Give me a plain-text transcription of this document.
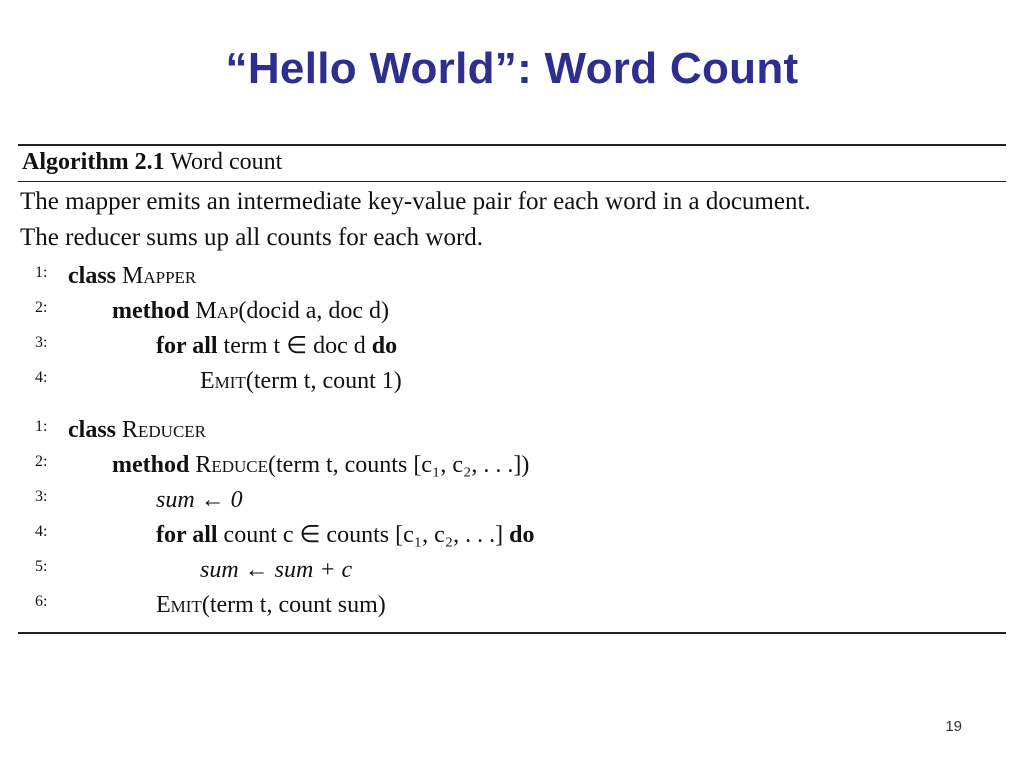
“Hello World”: Word Count
Algorithm 2.1 Word count
The mapper emits an intermediate key-value pair for each word in a document.
The reducer sums up all counts for each word.
1: class Mapper
2:	method Map(docid a, doc d)
3:	for all term t ∈ doc d do
4:	Emit(term t, count 1)
1: class Reducer
2:	method Reduce(term t, counts [c₁, c₂, . . .])
3:	sum ← 0
4:	for all count c ∈ counts [c₁, c₂, . . .] do
5:	sum ← sum + c
6:	Emit(term t, count sum)
19
